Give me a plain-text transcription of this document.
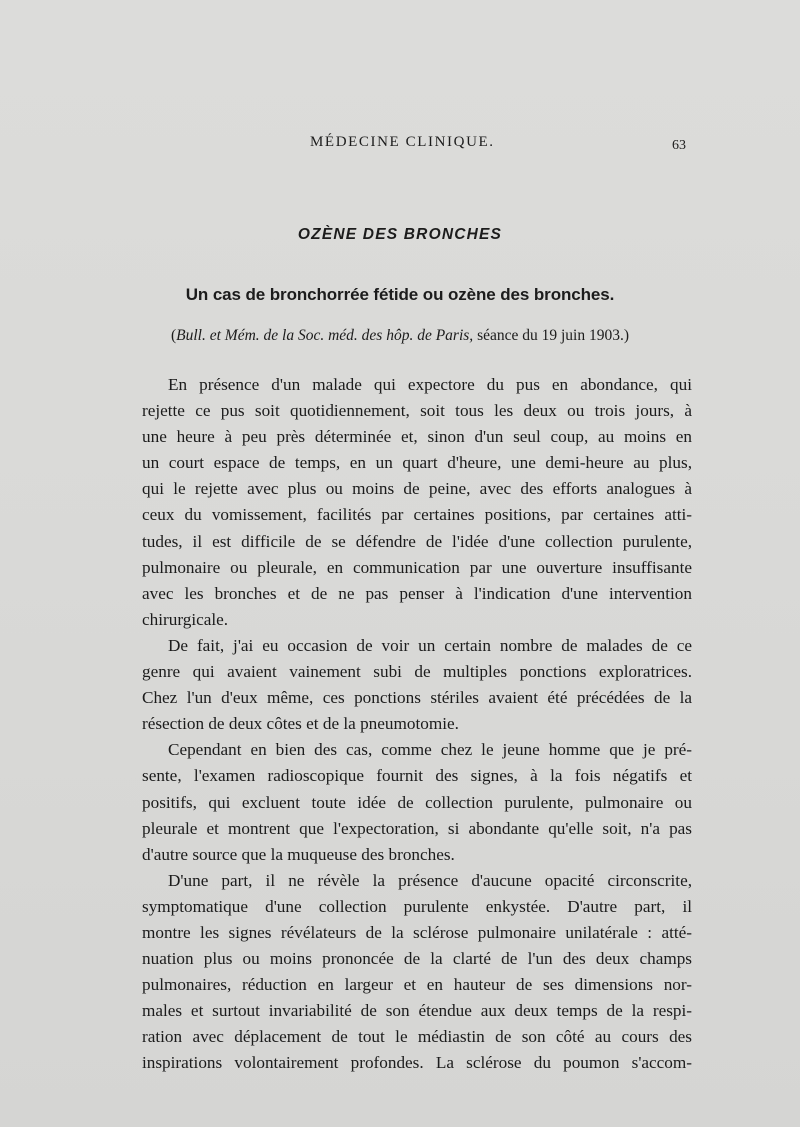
MÉDECINE CLINIQUE.	63
OZÈNE DES BRONCHES
Un cas de bronchorrée fétide ou ozène des bronches.
(Bull. et Mém. de la Soc. méd. des hôp. de Paris, séance du 19 juin 1903.)

En présence d'un malade qui expectore du pus en abondance, qui
rejette ce pus soit quotidiennement, soit tous les deux ou trois jours, à
une heure à peu près déterminée et, sinon d'un seul coup, au moins en
un court espace de temps, en un quart d'heure, une demi-heure au plus,
qui le rejette avec plus ou moins de peine, avec des efforts analogues à
ceux du vomissement, facilités par certaines positions, par certaines atti-
tudes, il est difficile de se défendre de l'idée d'une collection purulente,
pulmonaire ou pleurale, en communication par une ouverture insuffisante
avec les bronches et de ne pas penser à l'indication d'une intervention
chirurgicale.

De fait, j'ai eu occasion de voir un certain nombre de malades de ce
genre qui avaient vainement subi de multiples ponctions exploratrices.
Chez l'un d'eux même, ces ponctions stériles avaient été précédées de la
résection de deux côtes et de la pneumotomie.

Cependant en bien des cas, comme chez le jeune homme que je pré-
sente, l'examen radioscopique fournit des signes, à la fois négatifs et
positifs, qui excluent toute idée de collection purulente, pulmonaire ou
pleurale et montrent que l'expectoration, si abondante qu'elle soit, n'a pas
d'autre source que la muqueuse des bronches.

D'une part, il ne révèle la présence d'aucune opacité circonscrite,
symptomatique d'une collection purulente enkystée. D'autre part, il
montre les signes révélateurs de la sclérose pulmonaire unilatérale : atté-
nuation plus ou moins prononcée de la clarté de l'un des deux champs
pulmonaires, réduction en largeur et en hauteur de ses dimensions nor-
males et surtout invariabilité de son étendue aux deux temps de la respi-
ration avec déplacement de tout le médiastin de son côté au cours des
inspirations volontairement profondes. La sclérose du poumon s'accom-
